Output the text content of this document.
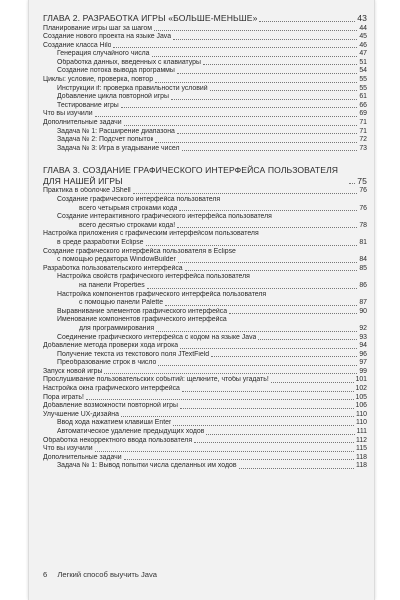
ГЛАВА 2. РАЗРАБОТКА ИГРЫ «БОЛЬШЕ-МЕНЬШЕ»	43
Планирование игры шаг за шагом	44
Создание нового проекта на языке Java	45
Создание класса Hilo	46
Генерация случайного числа	47
Обработка данных, введенных с клавиатуры	51
Создание потока вывода программы	54
Циклы: условие, проверка, повтор	55
Инструкции if: проверка правильности условий	55
Добавление цикла повторной игры	61
Тестирование игры	66
Что вы изучили	69
Дополнительные задачи	71
Задача № 1: Расширение диапазона	71
Задача № 2: Подсчет попыток	72
Задача № 3: Игра в угадывание чисел	73
ГЛАВА 3. СОЗДАНИЕ ГРАФИЧЕСКОГО ИНТЕРФЕЙСА ПОЛЬЗОВАТЕЛЯ ДЛЯ НАШЕЙ ИГРЫ	75
Практика в оболочке JShell	76
Создание графического интерфейса пользователя
всего четырьмя строками кода	76
Создание интерактивного графического интерфейса пользователя
всего десятью строками кода!	78
Настройка приложения с графическим интерфейсом пользователя
в среде разработки Eclipse	81
Создание графического интерфейса пользователя в Eclipse
с помощью редактора WindowBuilder	84
Разработка пользовательского интерфейса	85
Настройка свойств графического интерфейса пользователя
на панели Properties	86
Настройка компонентов графического интерфейса пользователя
с помощью панели Palette	87
Выравнивание элементов графического интерфейса	90
Именование компонентов графического интерфейса
для программирования	92
Соединение графического интерфейса с кодом на языке Java	93
Добавление метода проверки хода игрока	94
Получение текста из текстового поля JTextField	96
Преобразование строк в число	97
Запуск новой игры	99
Прослушивание пользовательских событий: щелкните, чтобы угадать!	101
Настройка окна графического интерфейса	102
Пора играть!	105
Добавление возможности повторной игры	106
Улучшение UX-дизайна	110
Ввод хода нажатием клавиши Enter	110
Автоматическое удаление предыдущих ходов	111
Обработка некорректного ввода пользователя	112
Что вы изучили	115
Дополнительные задачи	118
Задача № 1: Вывод попытки числа сделанных им ходов	118
6 Легкий способ выучить Java
